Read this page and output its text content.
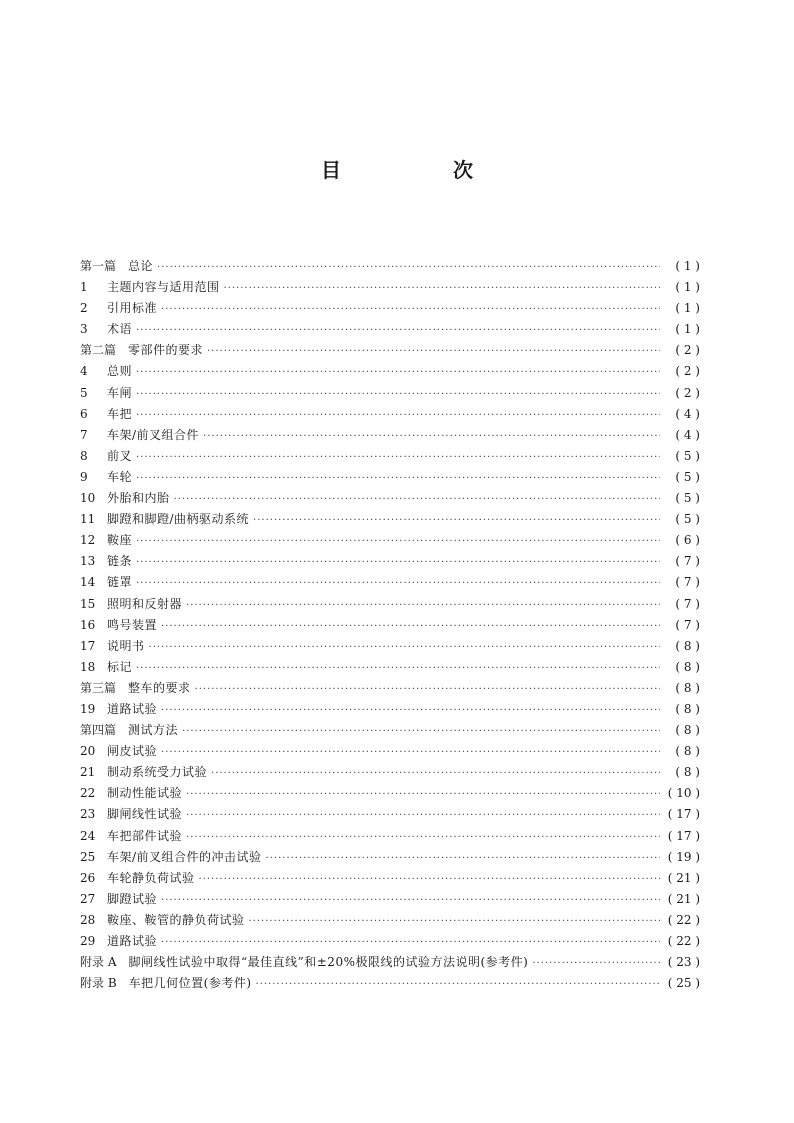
目　次
第一篇 总论 ·····	( 1 )
1	主题内容与适用范围 ·····	( 1 )
2	引用标准 ·····	( 1 )
3	术语 ·····	( 1 )
第二篇 零部件的要求 ·····	( 2 )
4	总则 ·····	( 2 )
5	车闸 ·····	( 2 )
6	车把 ·····	( 4 )
7	车架/前叉组合件 ·····	( 4 )
8	前叉 ·····	( 5 )
9	车轮 ·····	( 5 )
10 外胎和内胎 ·····	( 5 )
11 脚蹬和脚蹬/曲柄驱动系统 ·····	( 5 )
12 鞍座 ·····	( 6 )
13 链条 ·····	( 7 )
14 链罩 ·····	( 7 )
15 照明和反射器 ·····	( 7 )
16 鸣号装置 ·····	( 7 )
17 说明书 ·····	( 8 )
18 标记 ·····	( 8 )
第三篇 整车的要求 ·····	( 8 )
19 道路试验 ·····	( 8 )
第四篇 测试方法 ·····	( 8 )
20 闸皮试验 ·····	( 8 )
21 制动系统受力试验 ·····	( 8 )
22 制动性能试验 ·····	( 10 )
23 脚闸线性试验 ·····	( 17 )
24 车把部件试验 ·····	( 17 )
25 车架/前叉组合件的冲击试验 ·····	( 19 )
26 车轮静负荷试验 ·····	( 21 )
27 脚蹬试验 ·····	( 21 )
28 鞍座、鞍管的静负荷试验 ·····	( 22 )
29 道路试验 ·····	( 22 )
附录 A 脚闸线性试验中取得“最佳直线”和±20%极限线的试验方法说明(参考件) ·····	( 23 )
附录 B 车把几何位置(参考件) ·····	( 25 )
